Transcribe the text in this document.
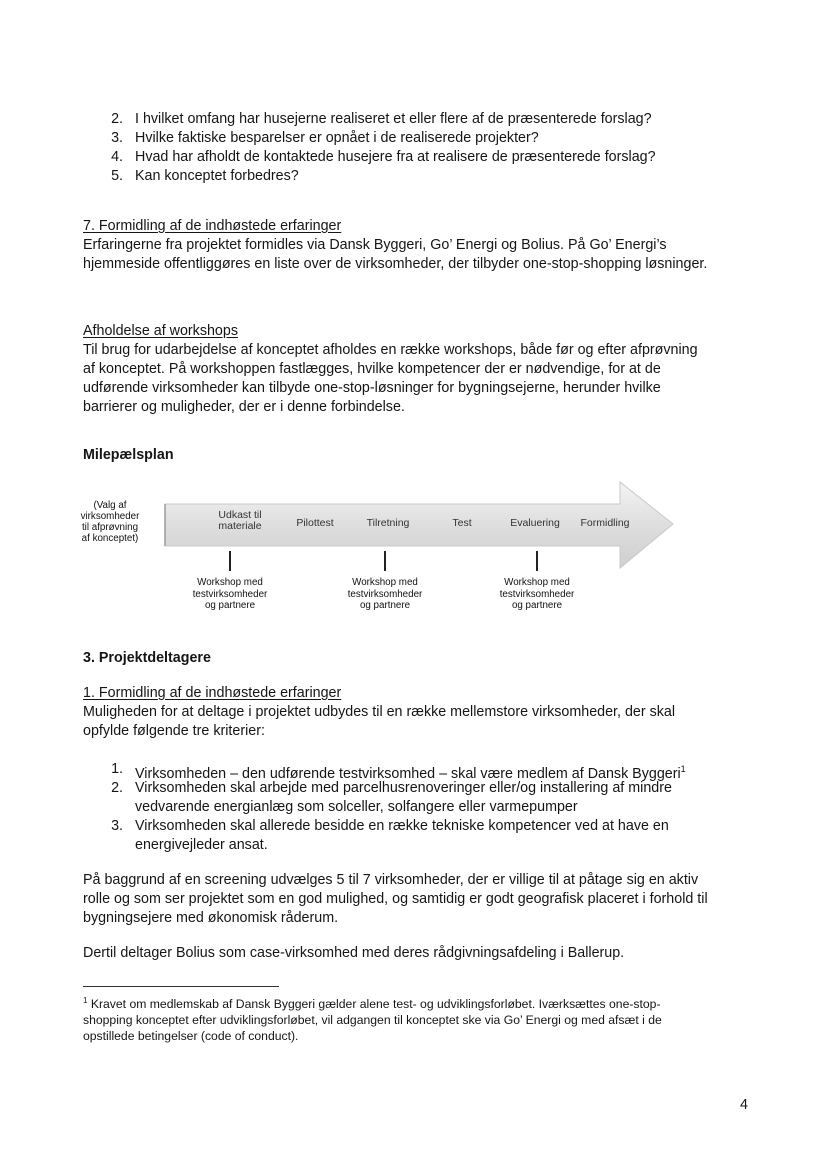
2. I hvilket omfang har husejerne realiseret et eller flere af de præsenterede forslag?
3. Hvilke faktiske besparelser er opnået i de realiserede projekter?
4. Hvad har afholdt de kontaktede husejere fra at realisere de præsenterede forslag?
5. Kan konceptet forbedres?
7. Formidling af de indhøstede erfaringer
Erfaringerne fra projektet formidles via Dansk Byggeri, Go’ Energi og Bolius. På Go’ Energi’s
hjemmeside offentliggøres en liste over de virksomheder, der tilbyder one-stop-shopping løsninger.
Afholdelse af workshops
Til brug for udarbejdelse af konceptet afholdes en række workshops, både før og efter afprøvning
af konceptet. På workshoppen fastlægges, hvilke kompetencer der er nødvendige, for at de
udførende virksomheder kan tilbyde one-stop-løsninger for bygningsejerne, herunder hvilke
barrierer og muligheder, der er i denne forbindelse.
Milepælsplan
(Valg af
virksomheder
til afprøvning
af konceptet)
Udkast til
materiale	Pilottest	Tilretning	Test	Evaluering	Formidling
Workshop med
testvirksomheder
og partnere
Workshop med
testvirksomheder
og partnere
Workshop med
testvirksomheder
og partnere
3. Projektdeltagere
1. Formidling af de indhøstede erfaringer
Muligheden for at deltage i projektet udbydes til en række mellemstore virksomheder, der skal
opfylde følgende tre kriterier:
1. Virksomheden – den udførende testvirksomhed – skal være medlem af Dansk Byggeri$^1$
2. Virksomheden skal arbejde med parcelhusrenoveringer eller/og installering af mindre
vedvarende energianlæg som solceller, solfangere eller varmepumper
3. Virksomheden skal allerede besidde en række tekniske kompetencer ved at have en
energivejleder ansat.
På baggrund af en screening udvælges 5 til 7 virksomheder, der er villige til at påtage sig en aktiv
rolle og som ser projektet som en god mulighed, og samtidig er godt geografisk placeret i forhold til
bygningsejere med økonomisk råderum.
Dertil deltager Bolius som case-virksomhed med deres rådgivningsafdeling i Ballerup.
$^1$ Kravet om medlemskab af Dansk Byggeri gælder alene test- og udviklingsforløbet. Iværksættes one-stop-
shopping konceptet efter udviklingsforløbet, vil adgangen til konceptet ske via Go’ Energi og med afsæt i de
opstillede betingelser (code of conduct).
4
